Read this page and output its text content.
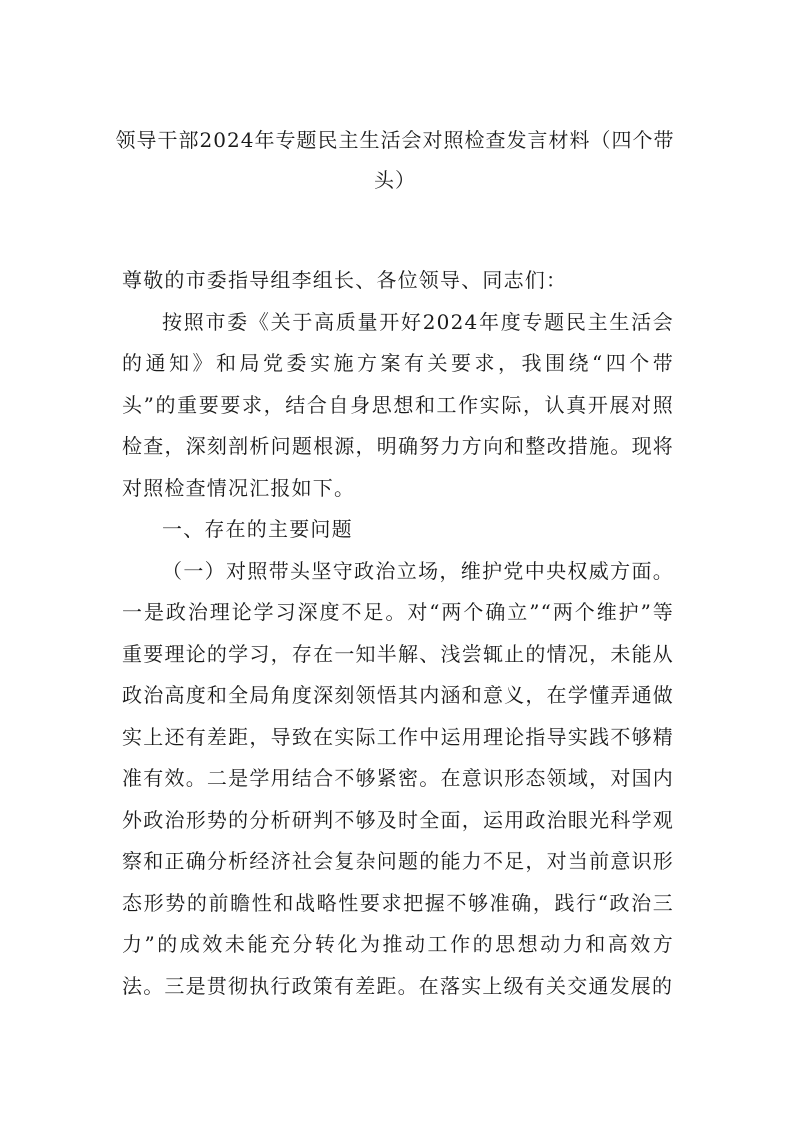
领导干部2024年专题民主生活会对照检查发言材料（四个带头）

尊敬的市委指导组李组长、各位领导、同志们：

按照市委《关于高质量开好2024年度专题民主生活会的通知》和局党委实施方案有关要求，我围绕“四个带头”的重要要求，结合自身思想和工作实际，认真开展对照检查，深刻剖析问题根源，明确努力方向和整改措施。现将对照检查情况汇报如下。

一、存在的主要问题

（一）对照带头坚守政治立场，维护党中央权威方面。一是政治理论学习深度不足。对“两个确立”“两个维护”等重要理论的学习，存在一知半解、浅尝辄止的情况，未能从政治高度和全局角度深刻领悟其内涵和意义，在学懂弄通做实上还有差距，导致在实际工作中运用理论指导实践不够精准有效。二是学用结合不够紧密。在意识形态领域，对国内外政治形势的分析研判不够及时全面，运用政治眼光科学观察和正确分析经济社会复杂问题的能力不足，对当前意识形态形势的前瞻性和战略性要求把握不够准确，践行“政治三力”的成效未能充分转化为推动工作的思想动力和高效方法。三是贯彻执行政策有差距。在落实上级有关交通发展的
